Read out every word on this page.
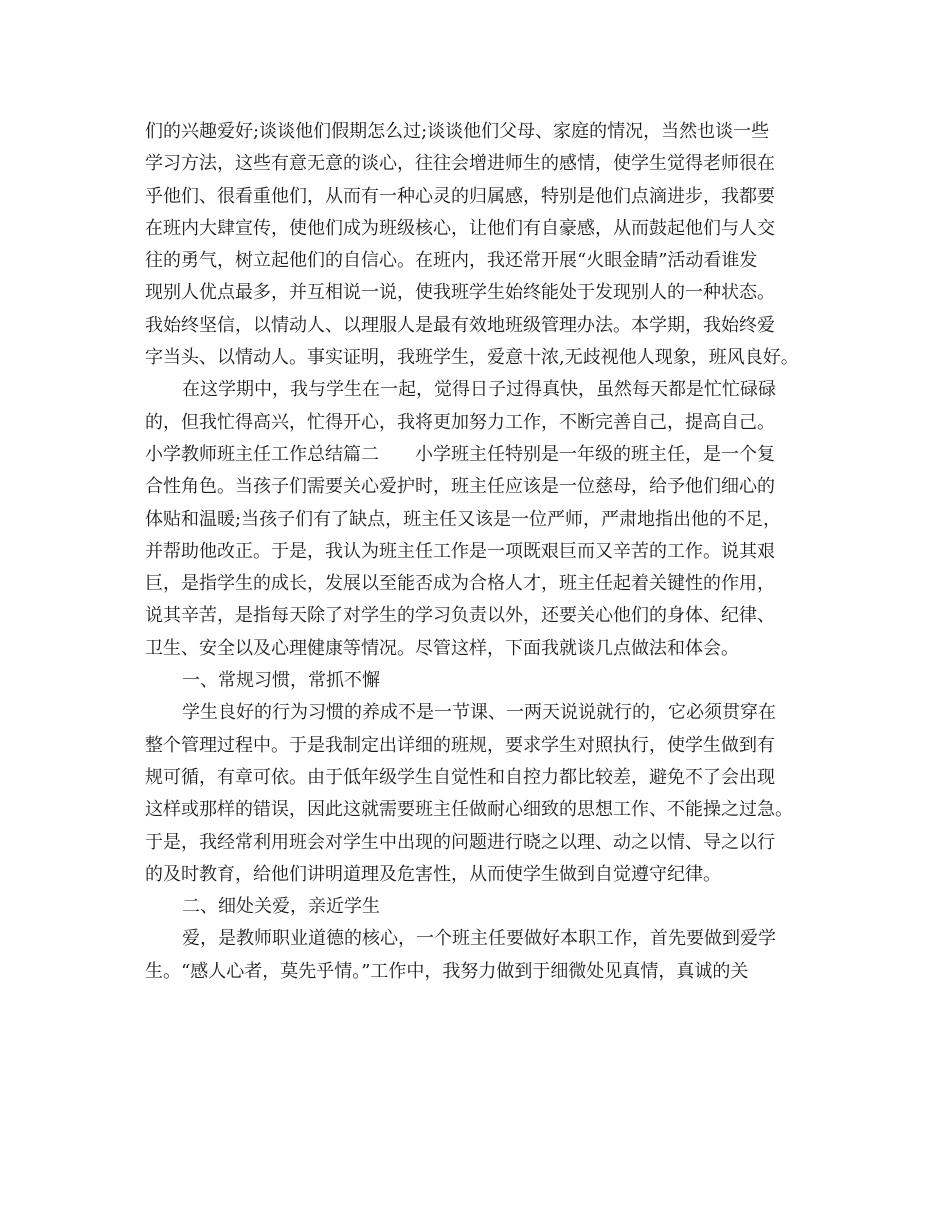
们的兴趣爱好;谈谈他们假期怎么过;谈谈他们父母、家庭的情况，当然也谈一些
学习方法，这些有意无意的谈心，往往会增进师生的感情，使学生觉得老师很在
乎他们、很看重他们，从而有一种心灵的归属感，特别是他们点滴进步，我都要
在班内大肆宣传，使他们成为班级核心，让他们有自豪感，从而鼓起他们与人交
往的勇气，树立起他们的自信心。在班内，我还常开展“火眼金睛”活动看谁发
现别人优点最多，并互相说一说，使我班学生始终能处于发现别人的一种状态。
我始终坚信，以情动人、以理服人是最有效地班级管理办法。本学期，我始终爱
字当头、以情动人。事实证明，我班学生，爱意十浓,无歧视他人现象，班风良好。
在这学期中，我与学生在一起，觉得日子过得真快，虽然每天都是忙忙碌碌
的，但我忙得高兴，忙得开心，我将更加努力工作，不断完善自己，提高自己。
小学教师班主任工作总结篇二　　小学班主任特别是一年级的班主任，是一个复
合性角色。当孩子们需要关心爱护时，班主任应该是一位慈母，给予他们细心的
体贴和温暖;当孩子们有了缺点，班主任又该是一位严师，严肃地指出他的不足，
并帮助他改正。于是，我认为班主任工作是一项既艰巨而又辛苦的工作。说其艰
巨，是指学生的成长，发展以至能否成为合格人才，班主任起着关键性的作用，
说其辛苦，是指每天除了对学生的学习负责以外，还要关心他们的身体、纪律、
卫生、安全以及心理健康等情况。尽管这样，下面我就谈几点做法和体会。
一、常规习惯，常抓不懈
学生良好的行为习惯的养成不是一节课、一两天说说就行的，它必须贯穿在
整个管理过程中。于是我制定出详细的班规，要求学生对照执行，使学生做到有
规可循，有章可依。由于低年级学生自觉性和自控力都比较差，避免不了会出现
这样或那样的错误，因此这就需要班主任做耐心细致的思想工作、不能操之过急。
于是，我经常利用班会对学生中出现的问题进行晓之以理、动之以情、导之以行
的及时教育，给他们讲明道理及危害性，从而使学生做到自觉遵守纪律。
二、细处关爱，亲近学生
爱，是教师职业道德的核心，一个班主任要做好本职工作，首先要做到爱学
生。“感人心者，莫先乎情。”工作中，我努力做到于细微处见真情，真诚的关
